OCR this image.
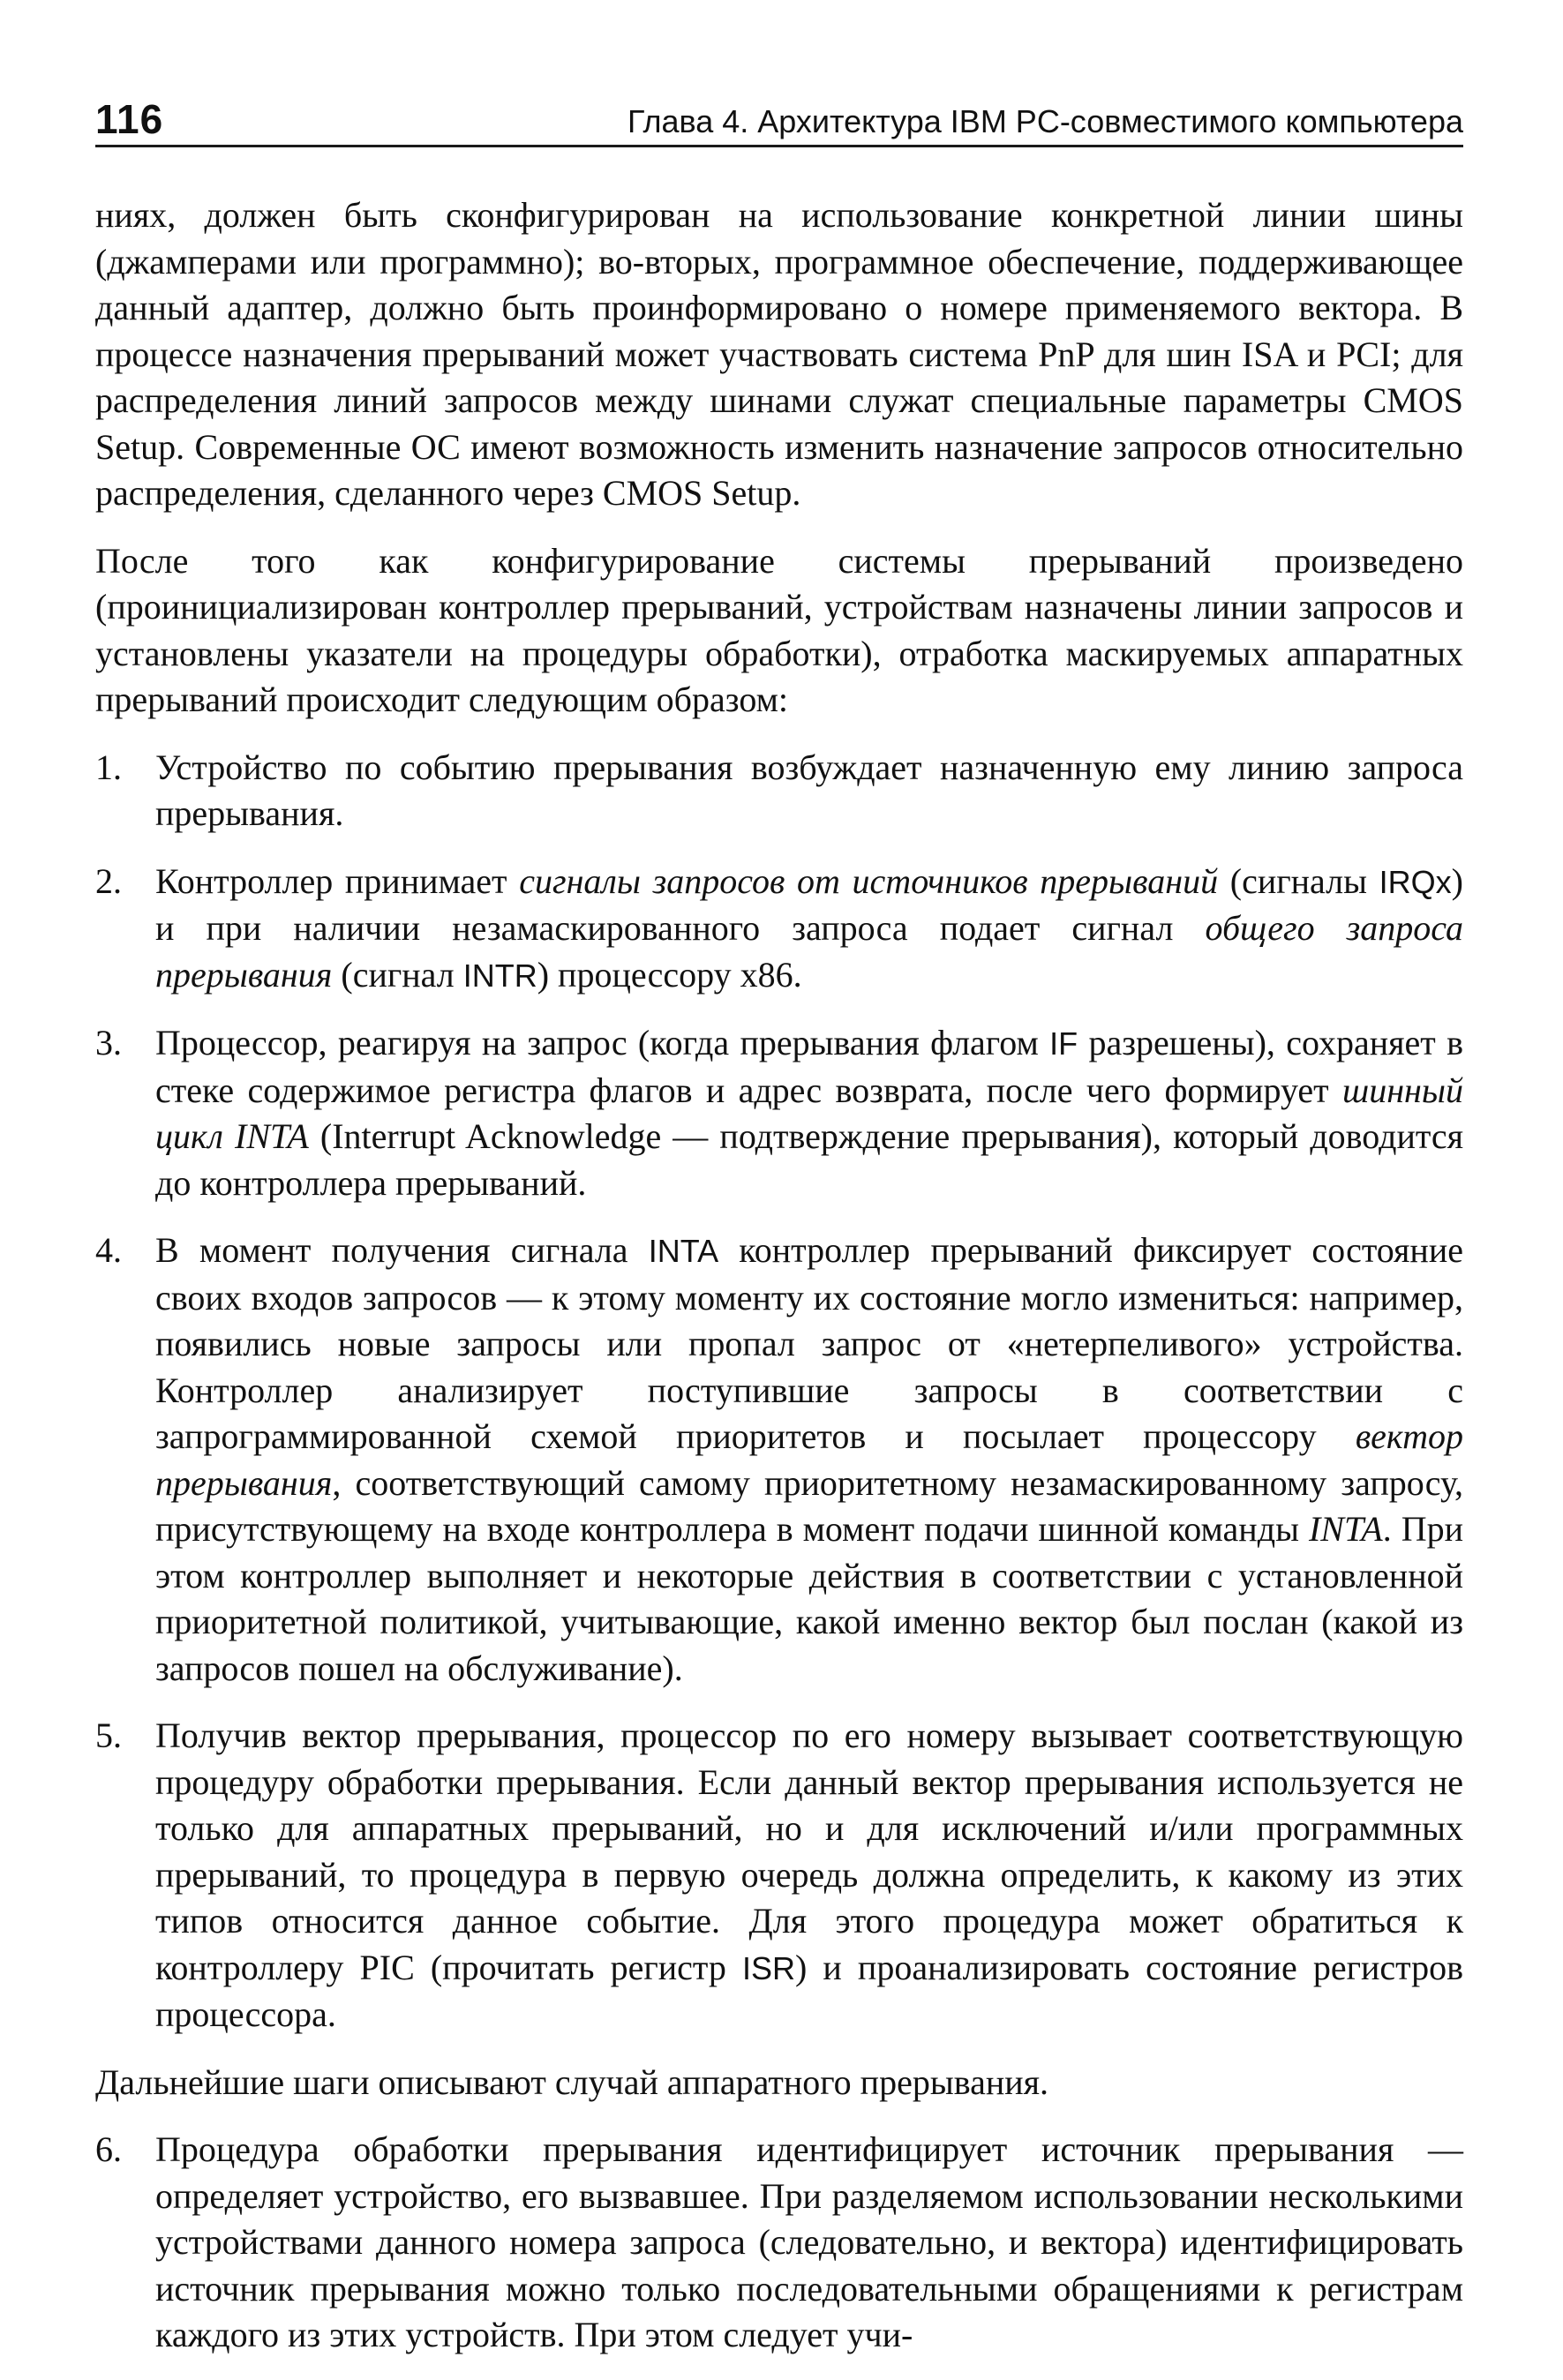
116	Глава 4. Архитектура IBM PC-совместимого компьютера

ниях, должен быть сконфигурирован на использование конкретной линии шины (джамперами или программно); во-вторых, программное обеспечение, поддерживающее данный адаптер, должно быть проинформировано о номере применяемого вектора. В процессе назначения прерываний может участвовать система PnP для шин ISA и PCI; для распределения линий запросов между шинами служат специальные параметры CMOS Setup. Современные ОС имеют возможность изменить назначение запросов относительно распределения, сделанного через CMOS Setup.

После того как конфигурирование системы прерываний произведено (проинициализирован контроллер прерываний, устройствам назначены линии запросов и установлены указатели на процедуры обработки), отработка маскируемых аппаратных прерываний происходит следующим образом:

1. Устройство по событию прерывания возбуждает назначенную ему линию запроса прерывания.
2. Контроллер принимает сигналы запросов от источников прерываний (сигналы IRQx) и при наличии незамаскированного запроса подает сигнал общего запроса прерывания (сигнал INTR) процессору x86.
3. Процессор, реагируя на запрос (когда прерывания флагом IF разрешены), сохраняет в стеке содержимое регистра флагов и адрес возврата, после чего формирует шинный цикл INTA (Interrupt Acknowledge — подтверждение прерывания), который доводится до контроллера прерываний.
4. В момент получения сигнала INTA контроллер прерываний фиксирует состояние своих входов запросов — к этому моменту их состояние могло измениться: например, появились новые запросы или пропал запрос от «нетерпеливого» устройства. Контроллер анализирует поступившие запросы в соответствии с запрограммированной схемой приоритетов и посылает процессору вектор прерывания, соответствующий самому приоритетному незамаскированному запросу, присутствующему на входе контроллера в момент подачи шинной команды INTA. При этом контроллер выполняет и некоторые действия в соответствии с установленной приоритетной политикой, учитывающие, какой именно вектор был послан (какой из запросов пошел на обслуживание).
5. Получив вектор прерывания, процессор по его номеру вызывает соответствующую процедуру обработки прерывания. Если данный вектор прерывания используется не только для аппаратных прерываний, но и для исключений и/или программных прерываний, то процедура в первую очередь должна определить, к какому из этих типов относится данное событие. Для этого процедура может обратиться к контроллеру PIC (прочитать регистр ISR) и проанализировать состояние регистров процессора.

Дальнейшие шаги описывают случай аппаратного прерывания.

6. Процедура обработки прерывания идентифицирует источник прерывания — определяет устройство, его вызвавшее. При разделяемом использовании несколькими устройствами данного номера запроса (следовательно, и вектора) идентифицировать источник прерывания можно только последовательными обращениями к регистрам каждого из этих устройств. При этом следует учи-
